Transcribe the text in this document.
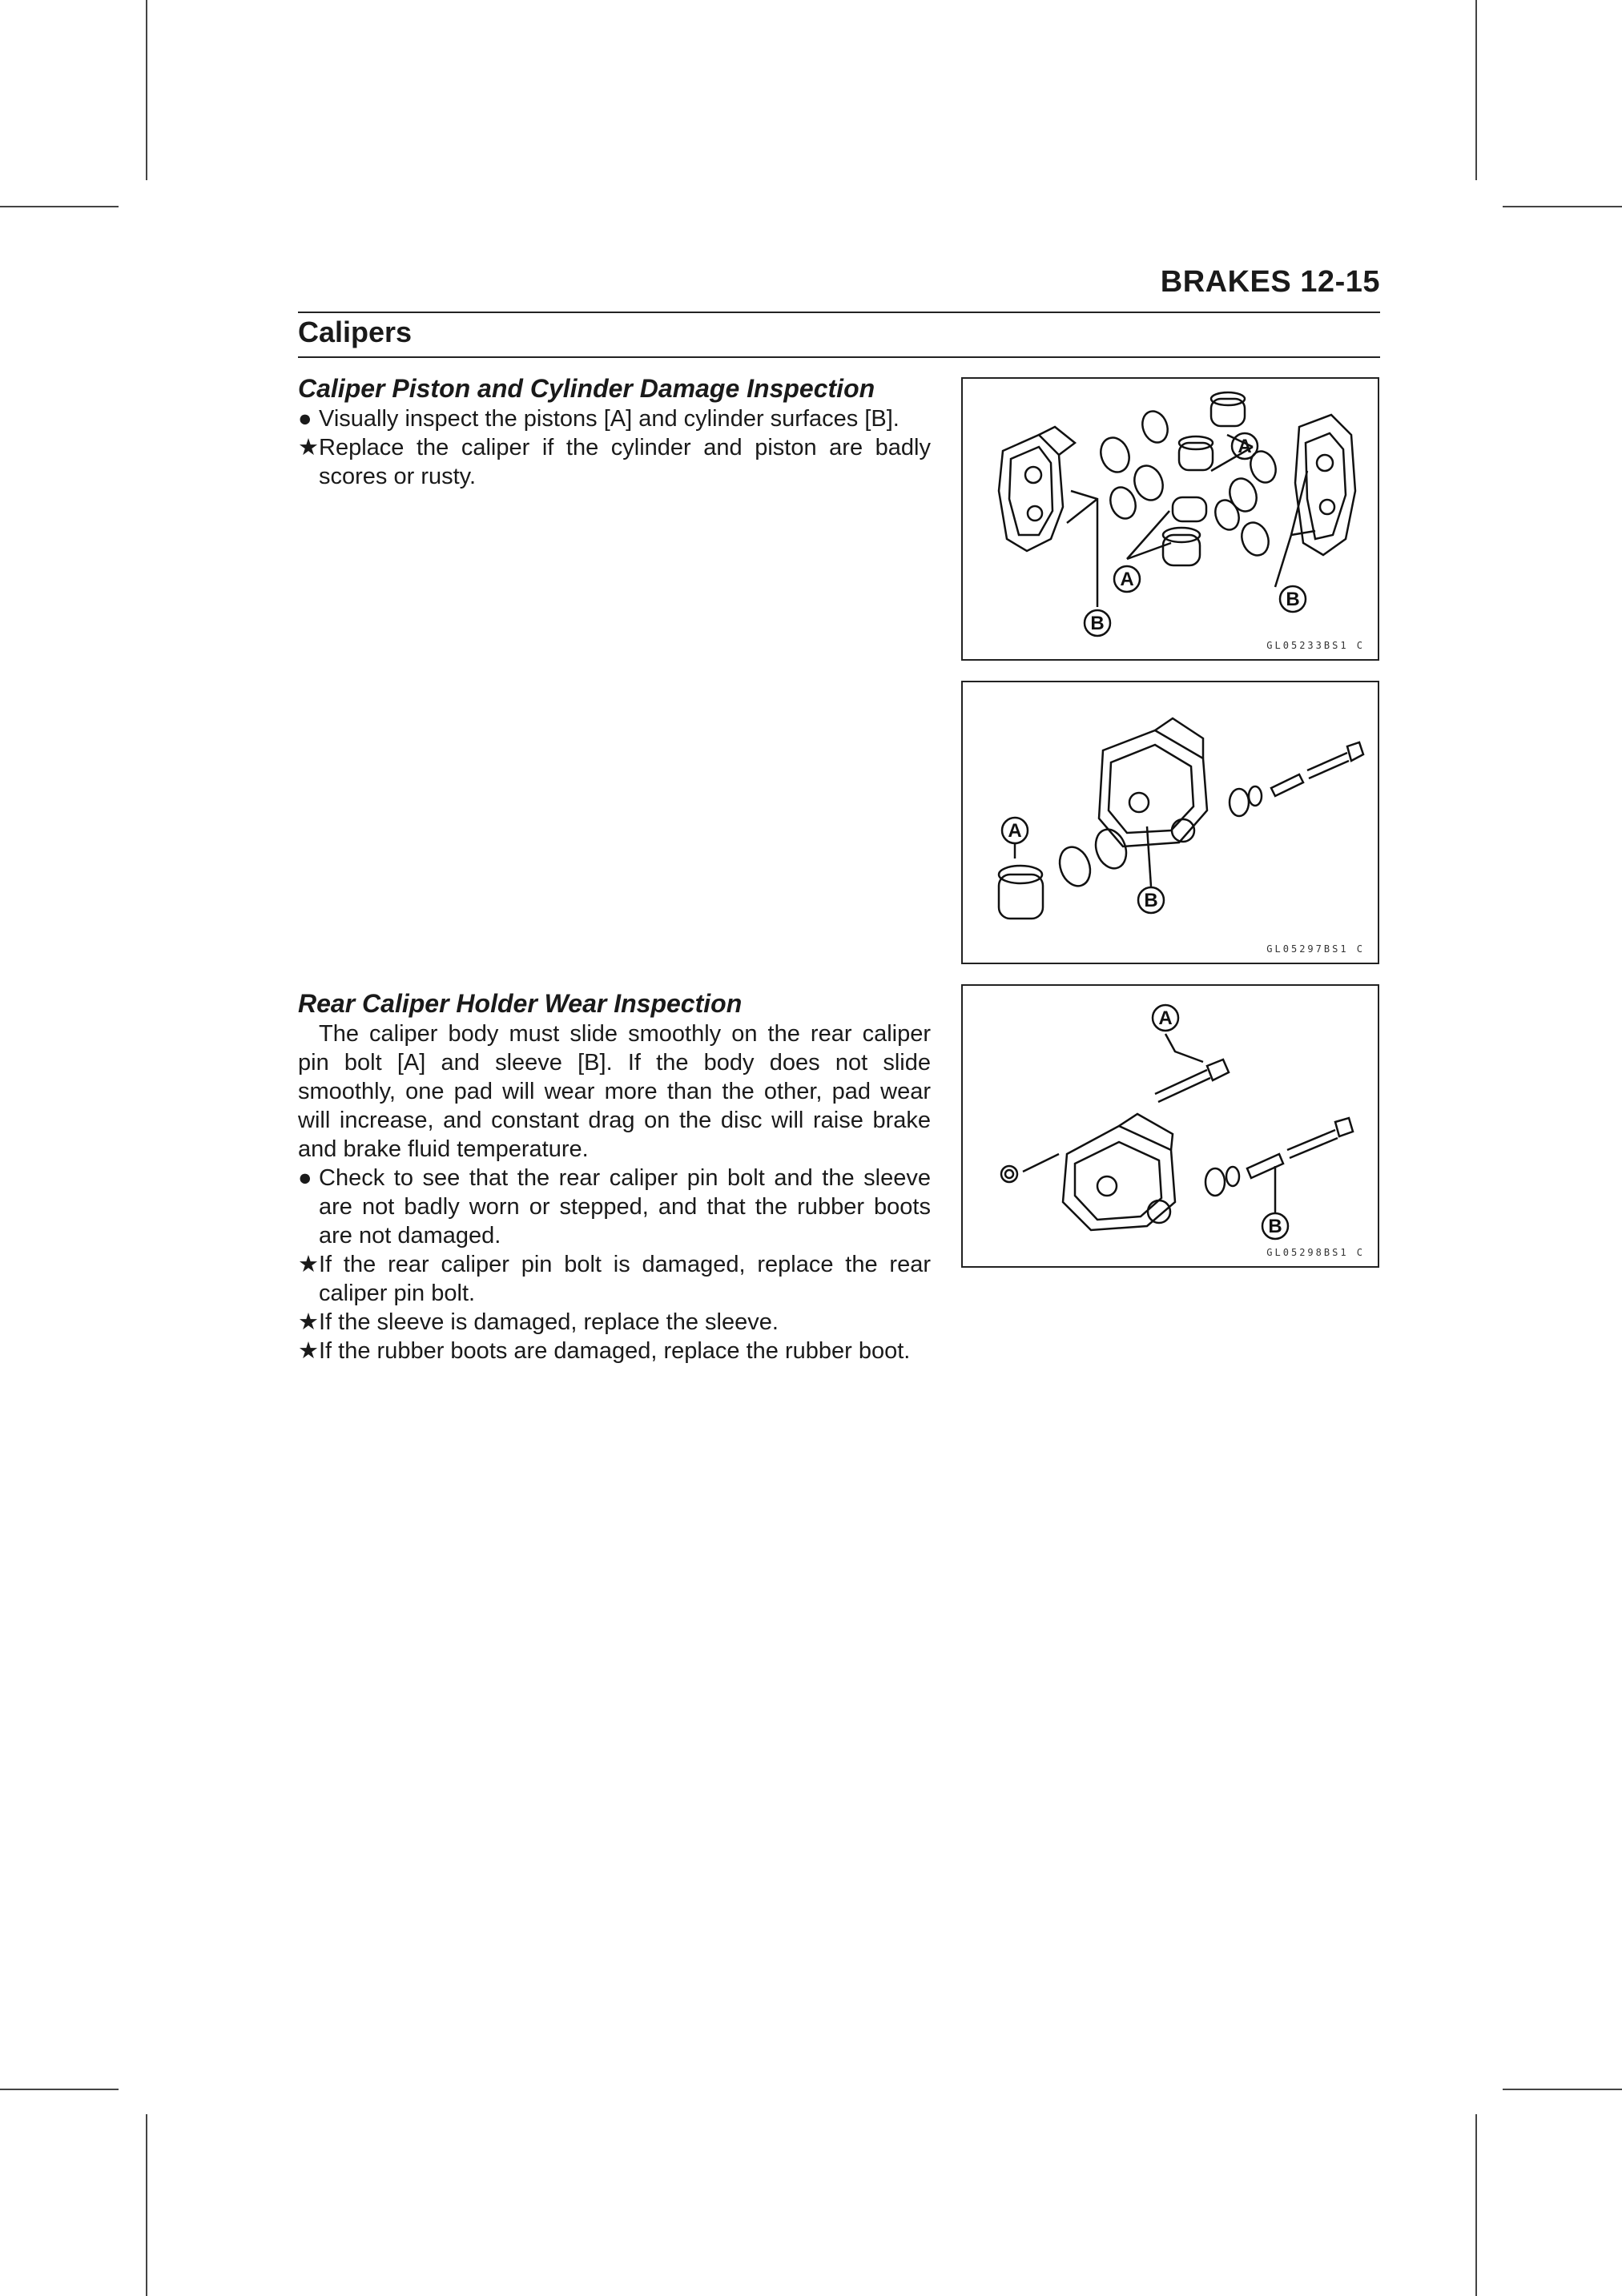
BRAKES 12-15
Calipers
Caliper Piston and Cylinder Damage Inspection
● Visually inspect the pistons [A] and cylinder surfaces [B].
★ Replace the caliper if the cylinder and piston are badly scores or rusty.
Rear Caliper Holder Wear Inspection
The caliper body must slide smoothly on the rear caliper pin bolt [A] and sleeve [B]. If the body does not slide smoothly, one pad will wear more than the other, pad wear will increase, and constant drag on the disc will raise brake and brake fluid temperature.
● Check to see that the rear caliper pin bolt and the sleeve are not badly worn or stepped, and that the rubber boots are not damaged.
★ If the rear caliper pin bolt is damaged, replace the rear caliper pin bolt.
★ If the sleeve is damaged, replace the sleeve.
★ If the rubber boots are damaged, replace the rubber boot.
A
A
B
B
GL05233BS1 C
A
B
GL05297BS1 C
A
B
GL05298BS1 C
